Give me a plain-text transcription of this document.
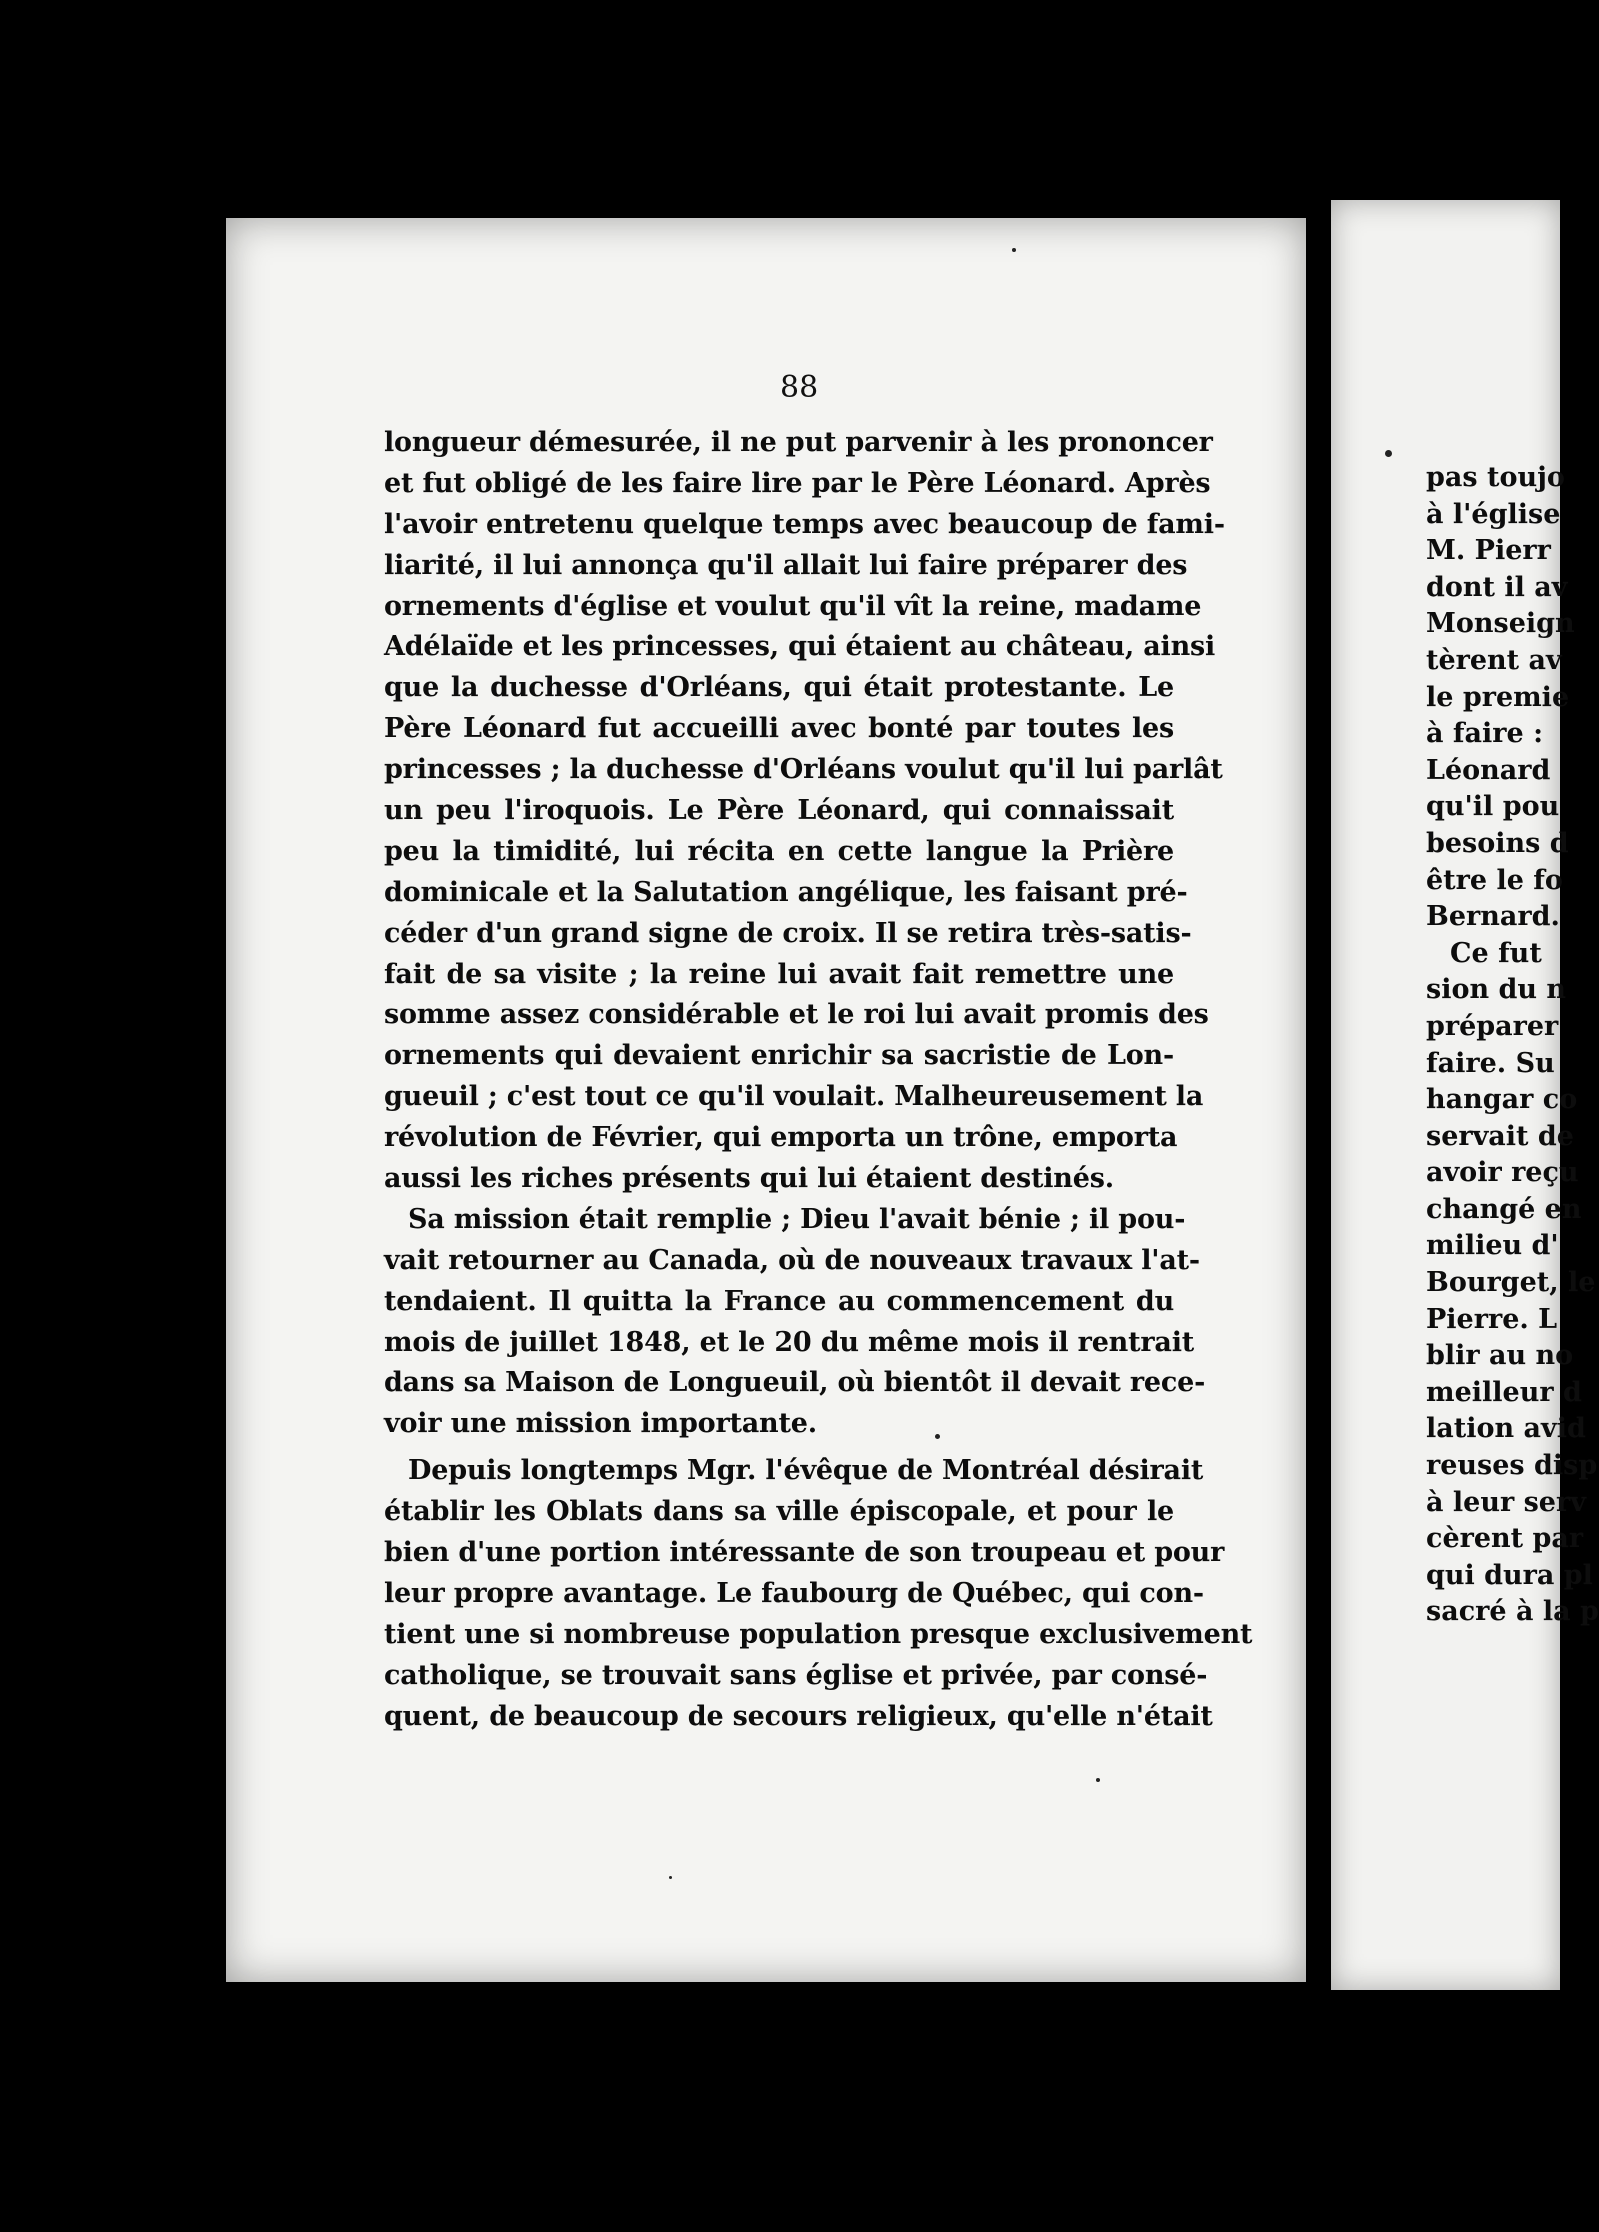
88
longueur démesurée, il ne put parvenir à les prononcer
et fut obligé de les faire lire par le Père Léonard. Après
l'avoir entretenu quelque temps avec beaucoup de fami-
liarité, il lui annonça qu'il allait lui faire préparer des
ornements d'église et voulut qu'il vît la reine, madame
Adélaïde et les princesses, qui étaient au château, ainsi
que la duchesse d'Orléans, qui était protestante. Le
Père Léonard fut accueilli avec bonté par toutes les
princesses ; la duchesse d'Orléans voulut qu'il lui parlât
un peu l'iroquois. Le Père Léonard, qui connaissait
peu la timidité, lui récita en cette langue la Prière
dominicale et la Salutation angélique, les faisant pré-
céder d'un grand signe de croix. Il se retira très-satis-
fait de sa visite ; la reine lui avait fait remettre une
somme assez considérable et le roi lui avait promis des
ornements qui devaient enrichir sa sacristie de Lon-
gueuil ; c'est tout ce qu'il voulait. Malheureusement la
révolution de Février, qui emporta un trône, emporta
aussi les riches présents qui lui étaient destinés.
Sa mission était remplie ; Dieu l'avait bénie ; il pou-
vait retourner au Canada, où de nouveaux travaux l'at-
tendaient. Il quitta la France au commencement du
mois de juillet 1848, et le 20 du même mois il rentrait
dans sa Maison de Longueuil, où bientôt il devait rece-
voir une mission importante.
Depuis longtemps Mgr. l'évêque de Montréal désirait
établir les Oblats dans sa ville épiscopale, et pour le
bien d'une portion intéressante de son troupeau et pour
leur propre avantage. Le faubourg de Québec, qui con-
tient une si nombreuse population presque exclusivement
catholique, se trouvait sans église et privée, par consé-
quent, de beaucoup de secours religieux, qu'elle n'était
pas toujo
à l'église
M. Pierr
dont il av
Monseign
tèrent av
le premie
à faire :
Léonard
qu'il pou
besoins d
être le fo
Bernard.
Ce fut
sion du n
préparer
faire. Su
hangar co
servait de
avoir reçu
changé en
milieu d'
Bourget, le
Pierre. L
blir au no
meilleur d
lation avid
reuses disp
à leur serv
cèrent par
qui dura pl
sacré à la p
